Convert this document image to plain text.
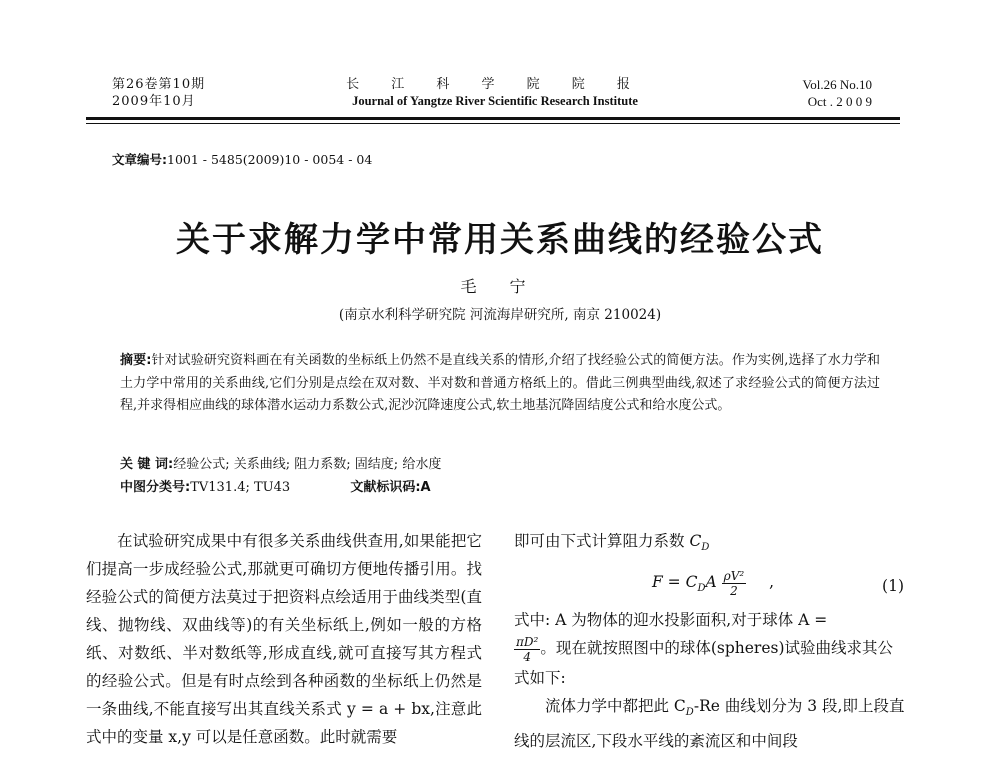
第26卷第10期
2009年10月
长 江 科 学 院 院 报
Journal of Yangtze River Scientific Research Institute
Vol.26 No.10
Oct . 2 0 0 9
文章编号:1001 - 5485(2009)10 - 0054 - 04
关于求解力学中常用关系曲线的经验公式
毛 宁
(南京水利科学研究院 河流海岸研究所, 南京 210024)
摘要:针对试验研究资料画在有关函数的坐标纸上仍然不是直线关系的情形,介绍了找经验公式的简便方法。作为实例,选择了水力学和土力学中常用的关系曲线,它们分别是点绘在双对数、半对数和普通方格纸上的。借此三例典型曲线,叙述了求经验公式的简便方法过程,并求得相应曲线的球体潜水运动力系数公式,泥沙沉降速度公式,软土地基沉降固结度公式和给水度公式。
关 键 词:经验公式; 关系曲线; 阻力系数; 固结度; 给水度
中图分类号:TV131.4; TU43	文献标识码:A

在试验研究成果中有很多关系曲线供查用,如果能把它们提高一步成经验公式,那就更可确切方便地传播引用。找经验公式的简便方法莫过于把资料点绘适用于曲线类型(直线、抛物线、双曲线等)的有关坐标纸上,例如一般的方格纸、对数纸、半对数纸等,形成直线,就可直接写其方程式的经验公式。但是有时点绘到各种函数的坐标纸上仍然是一条曲线,不能直接写出其直线关系式 y = a + bx,注意此式中的变量 x,y 可以是任意函数。此时就需要

即可由下式计算阻力系数 $C_D$

$F = C_DA \frac{\text{ρV²}}{2}$ ,	(1)

式中: A 为物体的迎水投影面积,对于球体 A =

$\frac{\text{πD²}}{4}$ 。现在就按照图中的球体(spheres)试验曲线求其公式如下:

流体力学中都把此 $C_D-Re$ 曲线划分为 3 段,即上段直线的层流区,下段水平线的紊流区和中间段
